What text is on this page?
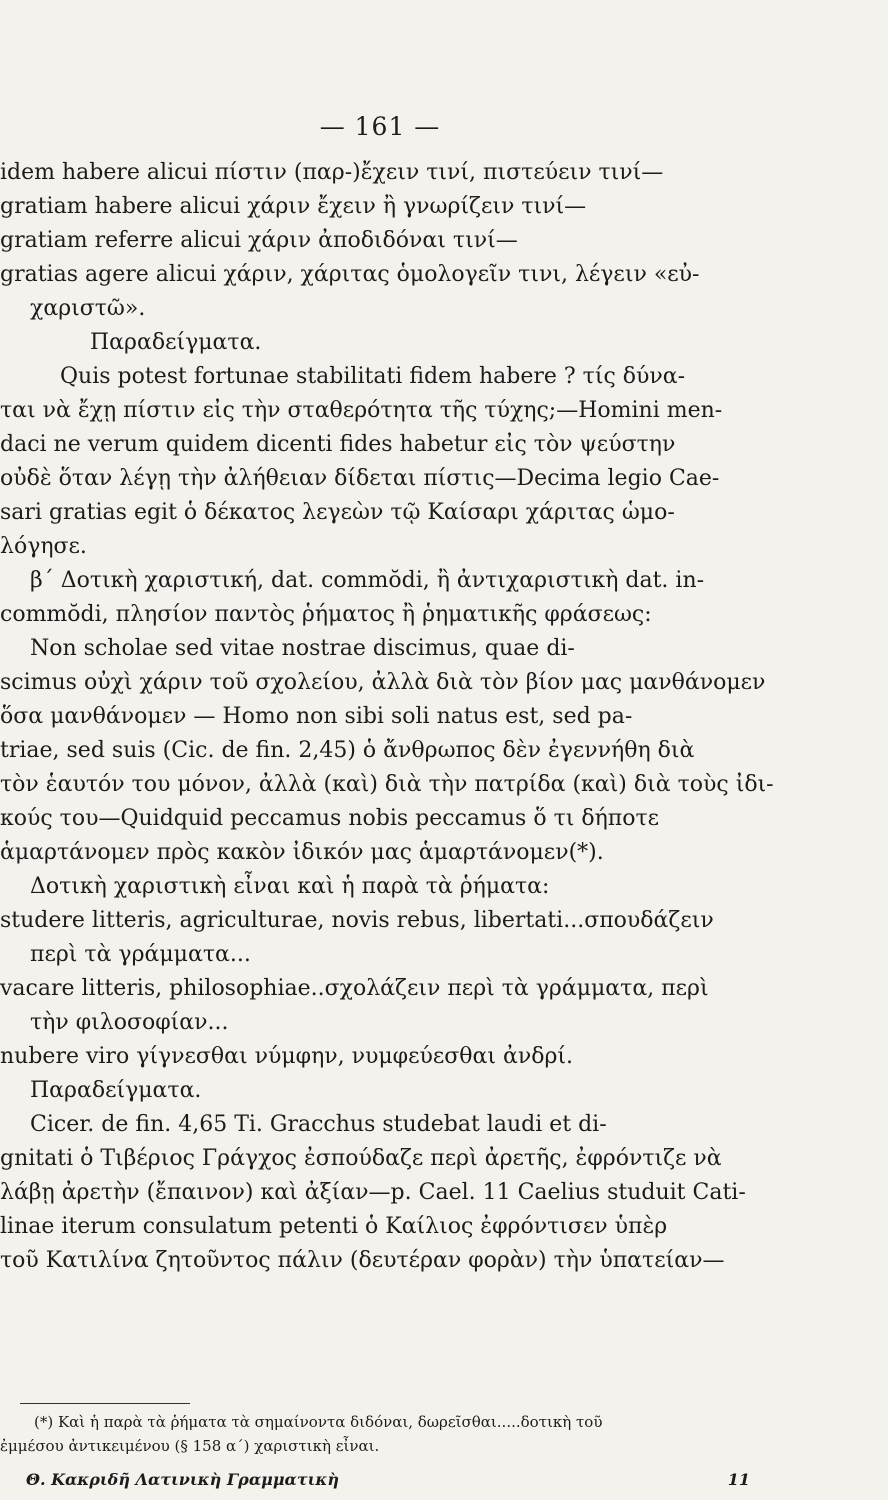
— 161 —
idem habere alicui πίστιν (παρ-)ἔχειν τινί, πιστεύειν τινί—
gratiam habere alicui χάριν ἔχειν ἢ γνωρίζειν τινί—
gratiam referre alicui χάριν ἀποδιδόναι τινί—
gratias agere alicui χάριν, χάριτας ὁμολογεῖν τινι, λέγειν «εὐ-
χαριστῶ».
Παραδείγματα.
Quis potest fortunae stabilitati fidem habere ? τίς δύνα-
ται νὰ ἔχῃ πίστιν εἰς τὴν σταθερότητα τῆς τύχης;—Homini men-
daci ne verum quidem dicenti fides habetur εἰς τὸν ψεύστην
οὐδὲ ὅταν λέγῃ τὴν ἀλήθειαν δίδεται πίστις—Decima legio Cae-
sari gratias egit ὁ δέκατος λεγεὼν τῷ Καίσαρι χάριτας ὡμο-
λόγησε.
β΄ Δοτικὴ χαριστική, dat. commŏdi, ἢ ἀντιχαριστικὴ dat. in-
commŏdi, πλησίον παντὸς ῥήματος ἢ ῥηματικῆς φράσεως:
Non scholae sed vitae nostrae discimus, quae di-
scimus οὐχὶ χάριν τοῦ σχολείου, ἀλλὰ διὰ τὸν βίον μας μανθάνομεν
ὅσα μανθάνομεν — Homo non sibi soli natus est, sed pa-
triae, sed suis (Cic. de fin. 2,45) ὁ ἄνθρωπος δὲν ἐγεννήθη διὰ
τὸν ἑαυτόν του μόνον, ἀλλὰ (καὶ) διὰ τὴν πατρίδα (καὶ) διὰ τοὺς ἰδι-
κούς του—Quidquid peccamus nobis peccamus ὅ τι δήποτε
ἁμαρτάνομεν πρὸς κακὸν ἰδικόν μας ἁμαρτάνομεν(*).
Δοτικὴ χαριστικὴ εἶναι καὶ ἡ παρὰ τὰ ῥήματα:
studere litteris, agriculturae, novis rebus, libertati...σπουδάζειν
περὶ τὰ γράμματα...
vacare litteris, philosophiae..σχολάζειν περὶ τὰ γράμματα, περὶ
τὴν φιλοσοφίαν...
nubere viro γίγνεσθαι νύμφην, νυμφεύεσθαι ἀνδρί.
Παραδείγματα.
Cicer. de fin. 4,65 Ti. Gracchus studebat laudi et di-
gnitati ὁ Τιβέριος Γράγχος ἐσπούδαζε περὶ ἀρετῆς, ἐφρόντιζε νὰ
λάβῃ ἀρετὴν (ἔπαινον) καὶ ἀξίαν—p. Cael. 11 Caelius studuit Cati-
linae iterum consulatum petenti ὁ Καίλιος ἐφρόντισεν ὑπὲρ
τοῦ Κατιλίνα ζητοῦντος πάλιν (δευτέραν φορὰν) τὴν ὑπατείαν—
(*) Καὶ ἡ παρὰ τὰ ῥήματα τὰ σημαίνοντα διδόναι, δωρεῖσθαι.....δοτικὴ τοῦ
ἐμμέσου ἀντικειμένου (§ 158 α΄) χαριστικὴ εἶναι.
Θ. Κακριδῆ Λατινικὴ Γραμματικὴ	11
